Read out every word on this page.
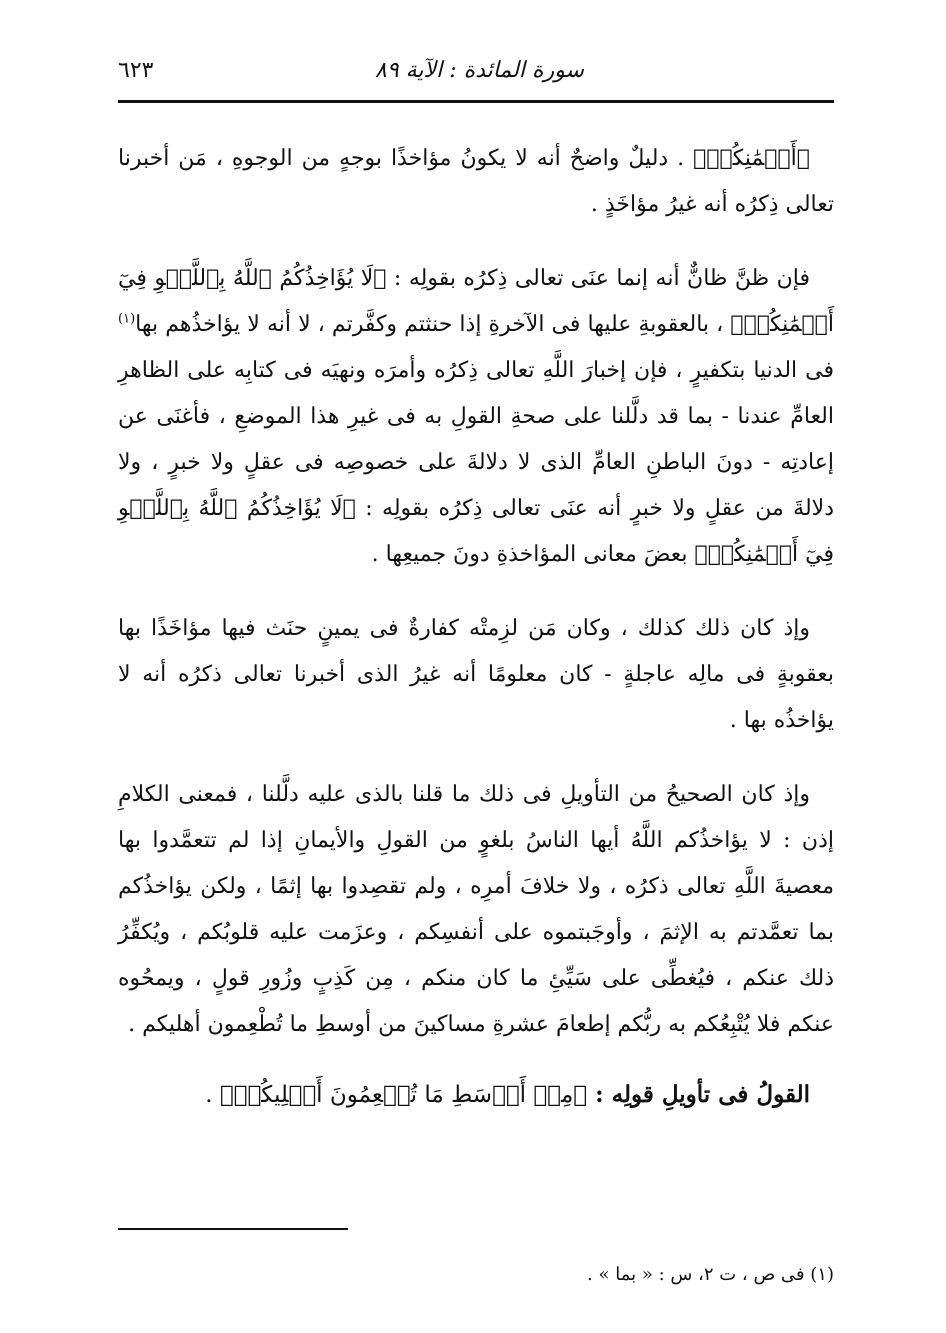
سورة المائدة : الآية ٨٩
٦٢٣

﴿أَيۡمَٰنِكُمۡ﴾ . دليلٌ واضحٌ أنه لا يكونُ مؤاخذًا بوجهٍ من الوجوهِ ، مَن أخبرنا تعالى ذِكرُه أنه غيرُ مؤاخَذٍ .

فإن ظنَّ ظانٌّ أنه إنما عنَى تعالى ذِكرُه بقولِه : ﴿لَا يُؤَاخِذُكُمُ ٱللَّهُ بِٱللَّغۡوِ فِيٓ أَيۡمَٰنِكُمۡ﴾ ، بالعقوبةِ عليها فى الآخرةِ إذا حنثتم وكفَّرتم ، لا أنه لا يؤاخذُهم بها$^{(١)}$ فى الدنيا بتكفيرٍ ، فإن إخبارَ اللَّهِ تعالى ذِكرُه وأمرَه ونهيَه فى كتابِه على الظاهرِ العامِّ عندنا - بما قد دلَّلنا على صحةِ القولِ به فى غيرِ هذا الموضعِ ، فأغنَى عن إعادتِه - دونَ الباطنِ العامِّ الذى لا دلالةَ على خصوصِه فى عقلٍ ولا خبرٍ ، ولا دلالةَ من عقلٍ ولا خبرٍ أنه عنَى تعالى ذِكرُه بقولِه : ﴿لَا يُؤَاخِذُكُمُ ٱللَّهُ بِٱللَّغۡوِ فِيٓ أَيۡمَٰنِكُمۡ﴾ بعضَ معانى المؤاخذةِ دونَ جميعِها .

وإذ كان ذلك كذلك ، وكان مَن لزِمتْه كفارةٌ فى يمينٍ حنَث فيها مؤاخَذًا بها بعقوبةٍ فى مالِه عاجلةٍ - كان معلومًا أنه غيرُ الذى أخبرنا تعالى ذكرُه أنه لا يؤاخذُه بها .

وإذ كان الصحيحُ من التأويلِ فى ذلك ما قلنا بالذى عليه دلَّلنا ، فمعنى الكلامِ إذن : لا يؤاخذُكم اللَّهُ أيها الناسُ بلغوٍ من القولِ والأيمانِ إذا لم تتعمَّدوا بها معصيةَ اللَّهِ تعالى ذكرُه ، ولا خلافَ أمرِه ، ولم تقصِدوا بها إثمًا ، ولكن يؤاخذُكم بما تعمَّدتم به الإثمَ ، وأوجَبتموه على أنفسِكم ، وعزَمت عليه قلوبُكم ، ويُكفِّرُ ذلك عنكم ، فيُغطِّى على سَيِّئِ ما كان منكم ، مِن كَذِبٍ وزُورِ قولٍ ، ويمحُوه عنكم فلا يُتْبِعُكم به ربُّكم إطعامَ عشرةِ مساكينَ من أوسطِ ما تُطْعِمون أهليكم .

القولُ فى تأويلِ قولِه : ﴿مِنۡ أَوۡسَطِ مَا تُطۡعِمُونَ أَهۡلِيكُمۡ﴾ .
(١) فى ص ، ت ٢، س : « بما » .
